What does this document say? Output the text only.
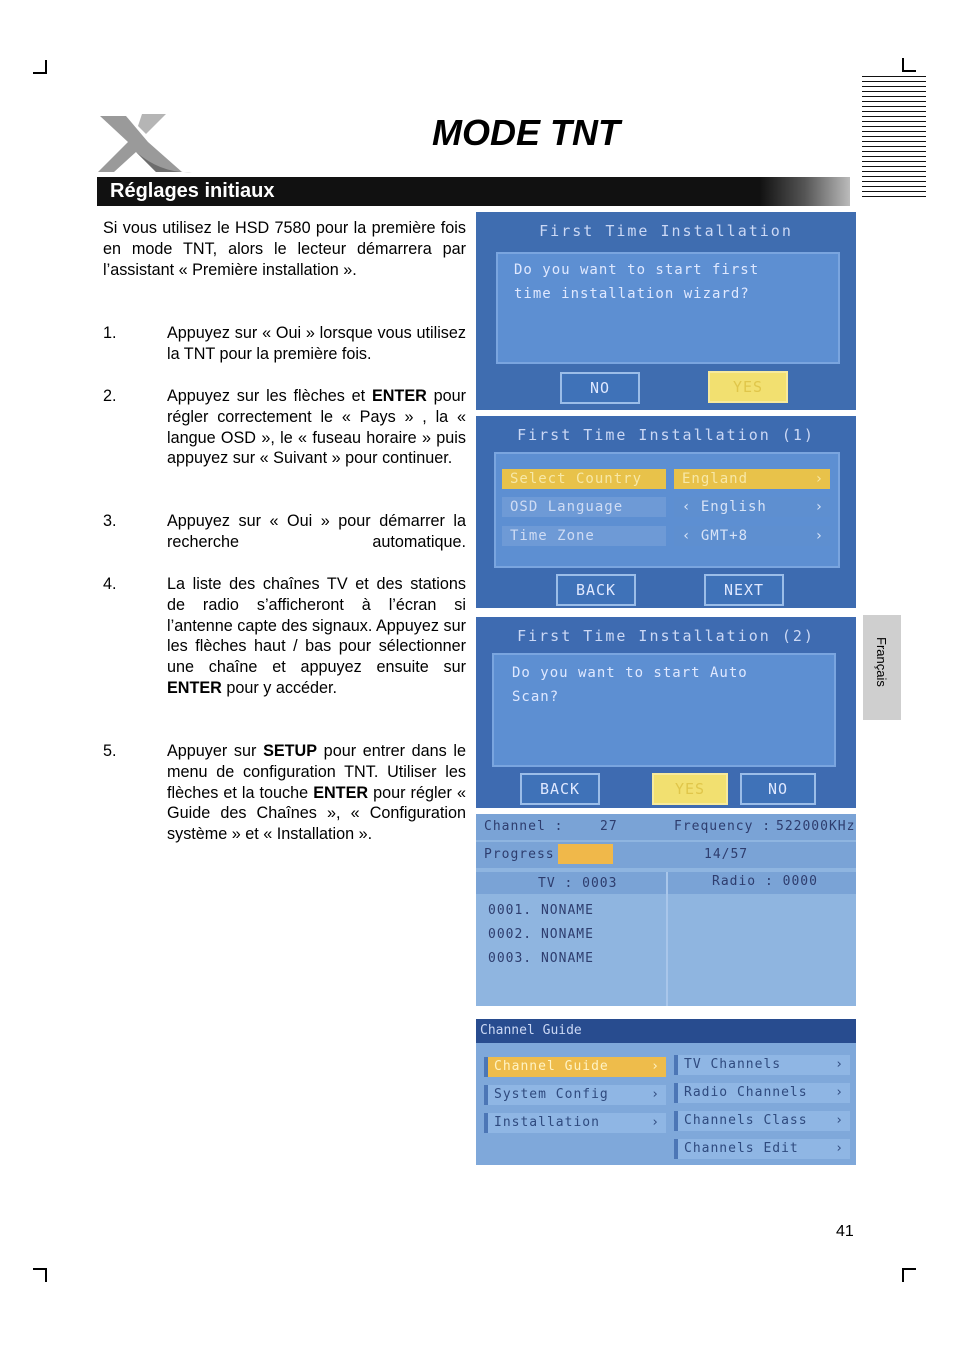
MODE TNT
Réglages initiaux
Si vous utilisez le HSD 7580 pour la première fois en mode TNT, alors le lecteur démarrera par l’assistant « Première installation ».
1.	Appuyez sur « Oui » lorsque vous utilisez la TNT pour la première fois.
2.	Appuyez sur les flèches et ENTER pour régler correctement le « Pays » , la « langue OSD », le « fuseau horaire » puis appuyez sur « Suivant » pour continuer.
3.	Appuyez sur « Oui » pour démarrer la recherche automatique.
4.	La liste des chaînes TV et des stations de radio s’afficheront à l’écran si l’antenne capte des signaux. Appuyez sur les flèches haut / bas pour sélectionner une chaîne et appuyez ensuite sur ENTER pour y accéder.
5.	Appuyer sur SETUP pour entrer dans le menu de configuration TNT. Utiliser les flèches et la touche ENTER pour régler « Guide des Chaînes », « Configuration système » et « Installation ».
First Time Installation
Do you want to start first
time installation wizard?
NO	YES
First Time Installation (1)
Select Country	England	›
OSD Language	‹ English	›
Time Zone	‹ GMT+8	›
BACK	NEXT
First Time Installation (2)
Do you want to start Auto
Scan?
BACK	YES	NO
Channel :	27	Frequency : 522000KHz
Progress	14/57
TV : 0003	Radio : 0000
0001. NONAME
0002. NONAME
0003. NONAME
Channel Guide
Channel Guide	›
System Config	›
Installation	›
TV Channels	›
Radio Channels ›
Channels Class ›
Channels Edit	›
Français
41
